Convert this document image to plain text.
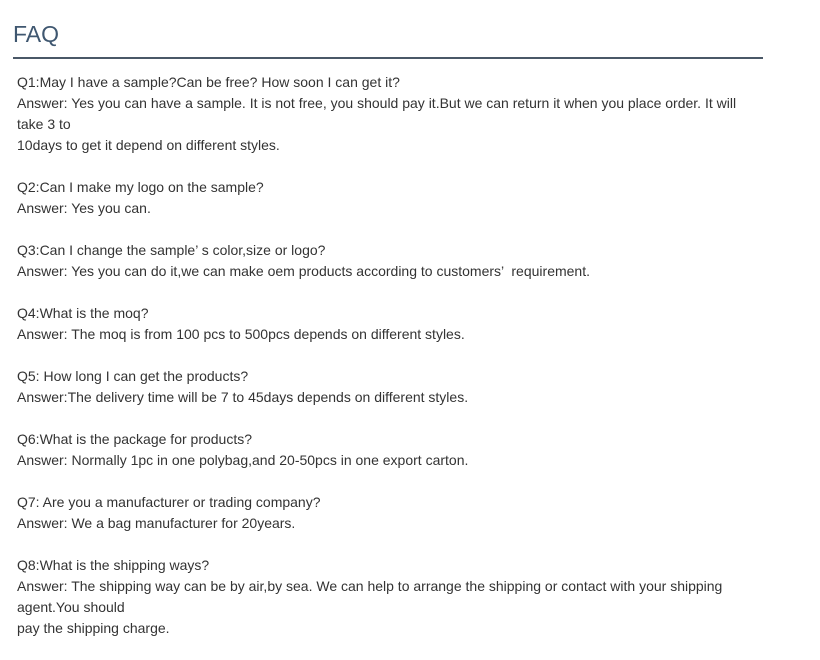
FAQ
Q1:May I have a sample?Can be free? How soon I can get it?
Answer: Yes you can have a sample. It is not free, you should pay it.But we can return it when you place order. It will take 3 to
10days to get it depend on different styles.
Q2:Can I make my logo on the sample?
Answer: Yes you can.
Q3:Can I change the sample’ s color,size or logo?
Answer: Yes you can do it,we can make oem products according to customers’  requirement.
Q4:What is the moq?
Answer: The moq is from 100 pcs to 500pcs depends on different styles.
Q5: How long I can get the products?
Answer:The delivery time will be 7 to 45days depends on different styles.
Q6:What is the package for products?
Answer: Normally 1pc in one polybag,and 20-50pcs in one export carton.
Q7: Are you a manufacturer or trading company?
Answer: We a bag manufacturer for 20years.
Q8:What is the shipping ways?
Answer: The shipping way can be by air,by sea. We can help to arrange the shipping or contact with your shipping agent.You should
pay the shipping charge.
